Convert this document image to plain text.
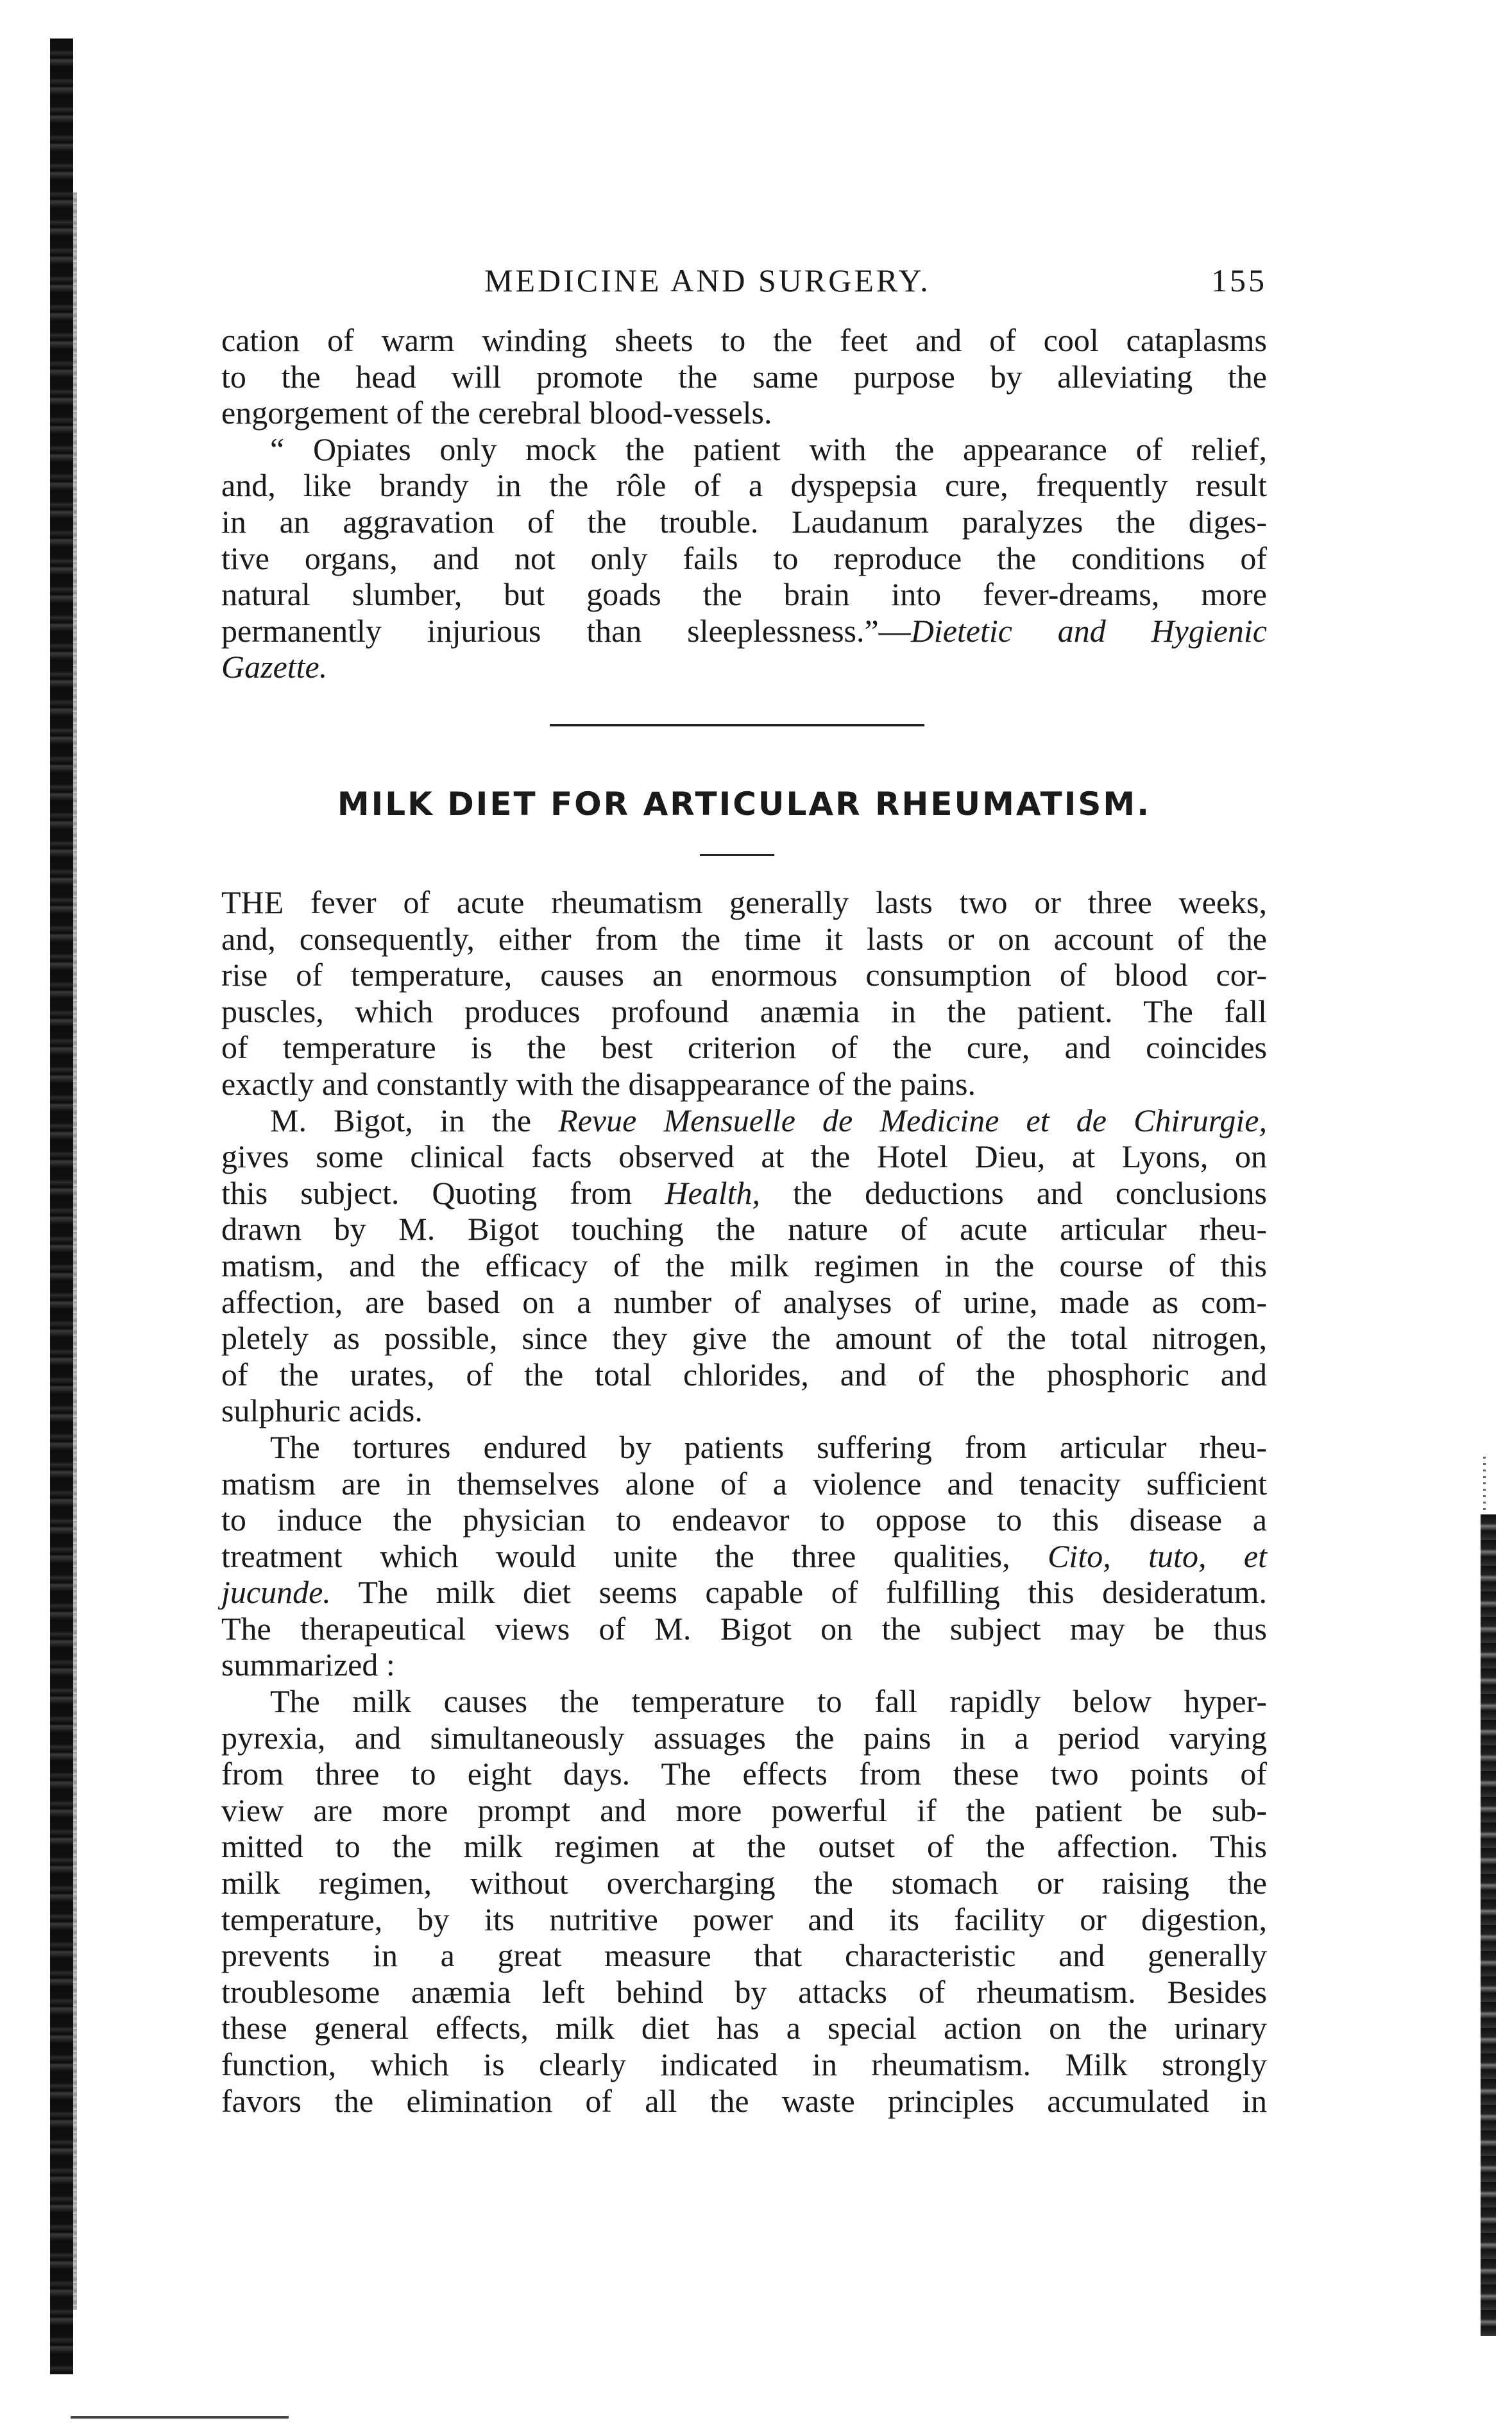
MEDICINE AND SURGERY.	155
cation of warm winding sheets to the feet and of cool cataplasms
to the head will promote the same purpose by alleviating the
engorgement of the cerebral blood-vessels.
“ Opiates only mock the patient with the appearance of relief,
and, like brandy in the rôle of a dyspepsia cure, frequently result
in an aggravation of the trouble. Laudanum paralyzes the diges-
tive organs, and not only fails to reproduce the conditions of
natural slumber, but goads the brain into fever-dreams, more
permanently injurious than sleeplessness.”—Dietetic and Hygienic
Gazette.
MILK DIET FOR ARTICULAR RHEUMATISM.
THE fever of acute rheumatism generally lasts two or three weeks,
and, consequently, either from the time it lasts or on account of the
rise of temperature, causes an enormous consumption of blood cor-
puscles, which produces profound anæmia in the patient. The fall
of temperature is the best criterion of the cure, and coincides
exactly and constantly with the disappearance of the pains.
M. Bigot, in the Revue Mensuelle de Medicine et de Chirurgie,
gives some clinical facts observed at the Hotel Dieu, at Lyons, on
this subject. Quoting from Health, the deductions and conclusions
drawn by M. Bigot touching the nature of acute articular rheu-
matism, and the efficacy of the milk regimen in the course of this
affection, are based on a number of analyses of urine, made as com-
pletely as possible, since they give the amount of the total nitrogen,
of the urates, of the total chlorides, and of the phosphoric and
sulphuric acids.
The tortures endured by patients suffering from articular rheu-
matism are in themselves alone of a violence and tenacity sufficient
to induce the physician to endeavor to oppose to this disease a
treatment which would unite the three qualities, Cito, tuto, et
jucunde. The milk diet seems capable of fulfilling this desideratum.
The therapeutical views of M. Bigot on the subject may be thus
summarized :
The milk causes the temperature to fall rapidly below hyper-
pyrexia, and simultaneously assuages the pains in a period varying
from three to eight days. The effects from these two points of
view are more prompt and more powerful if the patient be sub-
mitted to the milk regimen at the outset of the affection. This
milk regimen, without overcharging the stomach or raising the
temperature, by its nutritive power and its facility or digestion,
prevents in a great measure that characteristic and generally
troublesome anæmia left behind by attacks of rheumatism. Besides
these general effects, milk diet has a special action on the urinary
function, which is clearly indicated in rheumatism. Milk strongly
favors the elimination of all the waste principles accumulated in
